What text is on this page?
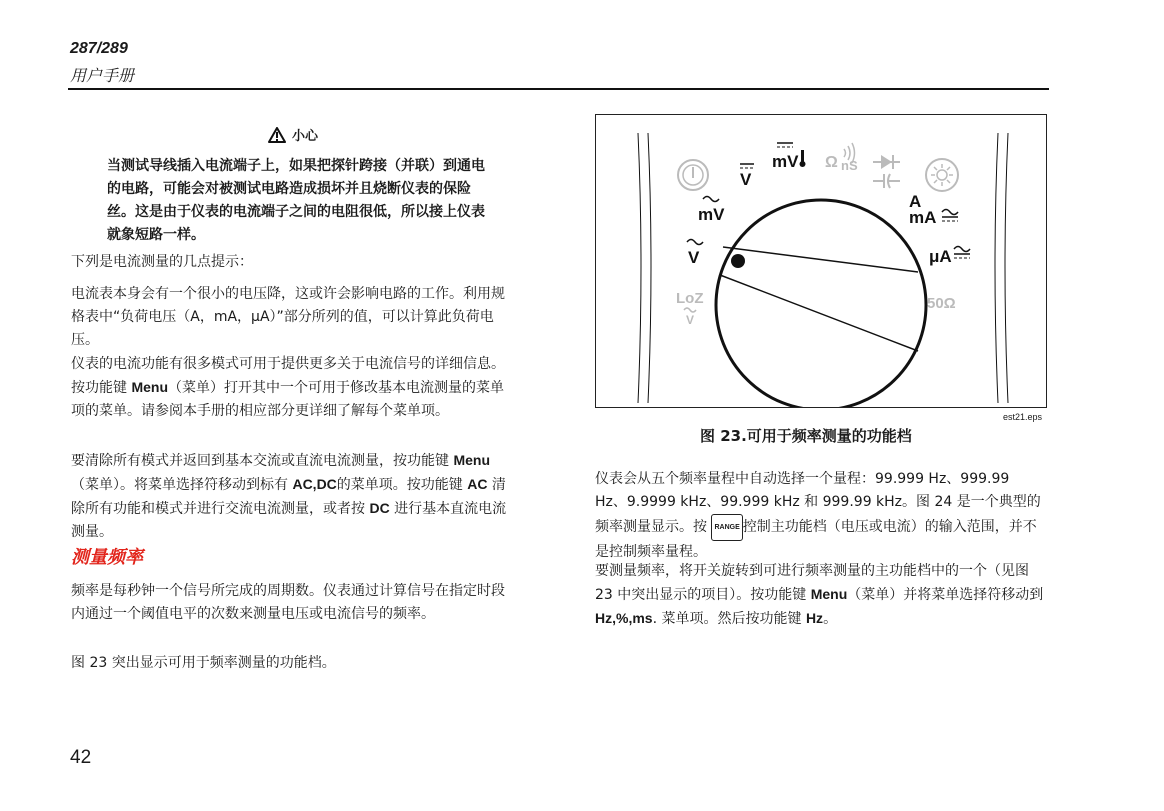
287/289
用户手册
小心
当测试导线插入电流端子上，如果把探针跨接（并联）到通电的电路，可能会对被测试电路造成损坏并且烧断仪表的保险丝。这是由于仪表的电流端子之间的电阻很低，所以接上仪表就象短路一样。

下列是电流测量的几点提示：

电流表本身会有一个很小的电压降，这或许会影响电路的工作。利用规格表中“负荷电压（A，mA，μA）”部分所列的值，可以计算此负荷电压。

仪表的电流功能有很多模式可用于提供更多关于电流信号的详细信息。按功能键 Menu（菜单）打开其中一个可用于修改基本电流测量的菜单项的菜单。请参阅本手册的相应部分更详细了解每个菜单项。

要清除所有模式并返回到基本交流或直流电流测量，按功能键 Menu（菜单）。将菜单选择符移动到标有 AC,DC的菜单项。按功能键 AC 清除所有功能和模式并进行交流电流测量，或者按 DC 进行基本直流电流测量。

测量频率

频率是每秒钟一个信号所完成的周期数。仪表通过计算信号在指定时段内通过一个阈值电平的次数来测量电压或电流信号的频率。

图 23 突出显示可用于频率测量的功能档。

V
mV Ω nS
mV
V
LoZ
V
A
mA
μA
50Ω
est21.eps
图 23.可用于频率测量的功能档

仪表会从五个频率量程中自动选择一个量程：99.999 Hz、999.99 Hz、9.9999 kHz、99.999 kHz 和 999.99 kHz。图 24 是一个典型的频率测量显示。按 RANGE 控制主功能档（电压或电流）的输入范围，并不是控制频率量程。

要测量频率，将开关旋转到可进行频率测量的主功能档中的一个（见图 23 中突出显示的项目）。按功能键 Menu（菜单）并将菜单选择符移动到 Hz,%,ms. 菜单项。然后按功能键 Hz。

42
